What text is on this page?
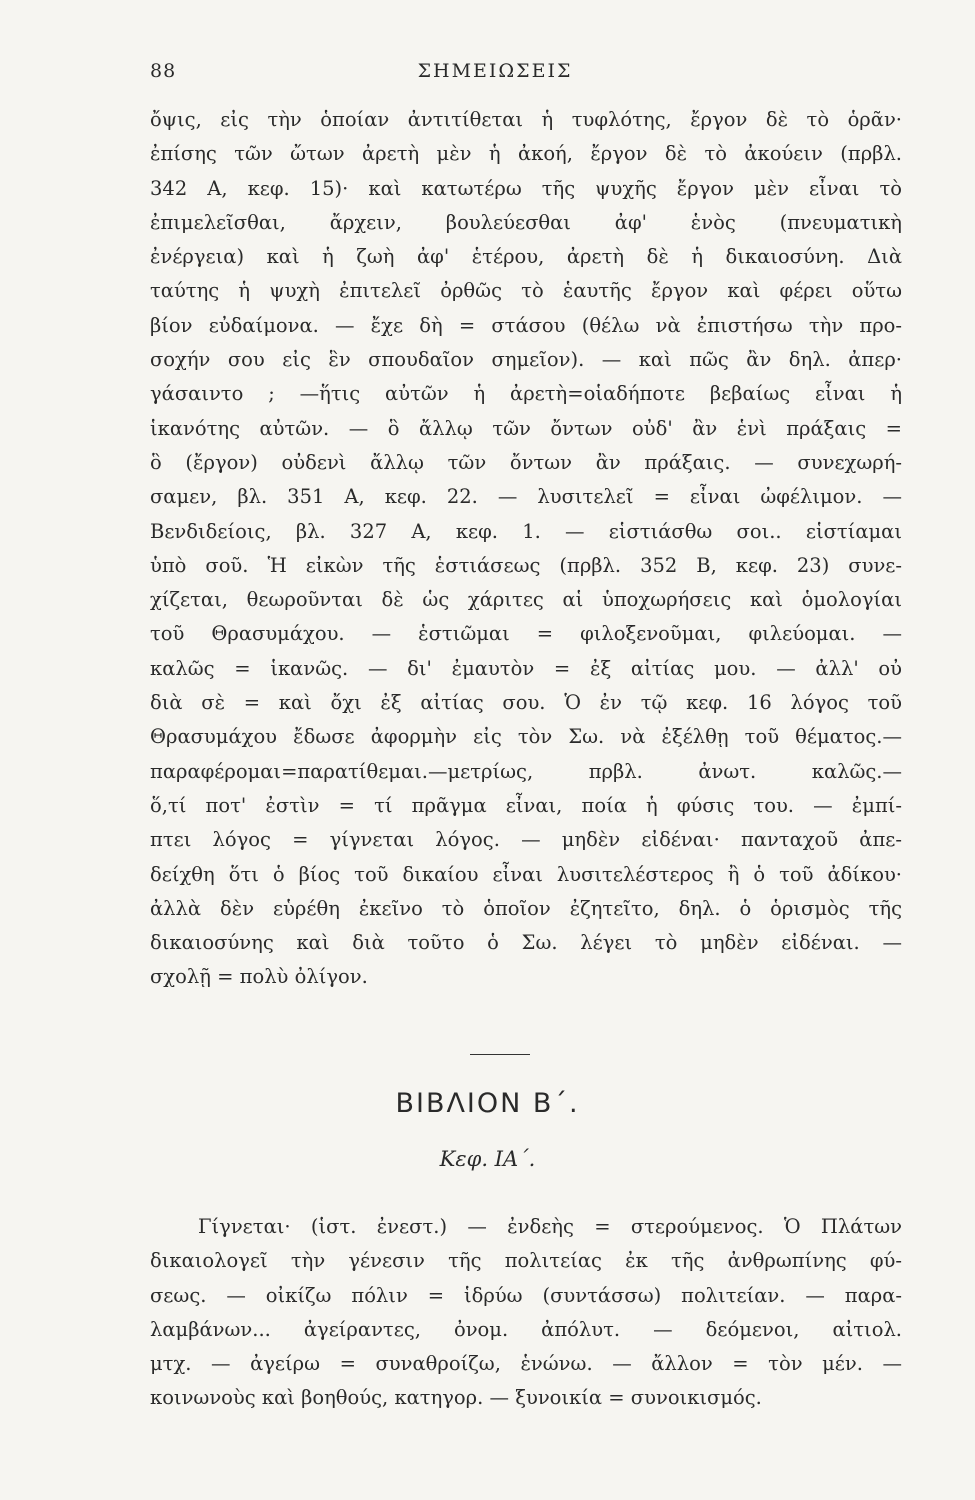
88	ΣΗΜΕΙΩΣΕΙΣ
ὄψις, εἰς τὴν ὁποίαν ἀντιτίθεται ἡ τυφλότης, ἔργον δὲ τὸ ὁρᾶν·
ἐπίσης τῶν ὤτων ἀρετὴ μὲν ἡ ἀκοή, ἔργον δὲ τὸ ἀκούειν (πρβλ.
342 Α, κεφ. 15)· καὶ κατωτέρω τῆς ψυχῆς ἔργον μὲν εἶναι τὸ
ἐπιμελεῖσθαι, ἄρχειν, βουλεύεσθαι ἀφ' ἑνὸς (πνευματικὴ
ἐνέργεια) καὶ ἡ ζωὴ ἀφ' ἑτέρου, ἀρετὴ δὲ ἡ δικαιοσύνη. Διὰ
ταύτης ἡ ψυχὴ ἐπιτελεῖ ὀρθῶς τὸ ἑαυτῆς ἔργον καὶ φέρει οὕτω
βίον εὐδαίμονα. — ἔχε δὴ = στάσου (θέλω νὰ ἐπιστήσω τὴν προ-
σοχήν σου εἰς ἓν σπουδαῖον σημεῖον). — καὶ πῶς ἂν δηλ. ἀπερ·
γάσαιντο ; —ἥτις αὐτῶν ἡ ἀρετὴ=οἱαδήποτε βεβαίως εἶναι ἡ
ἱκανότης αὐτῶν. — ὃ ἄλλῳ τῶν ὄντων οὐδ' ἂν ἑνὶ πράξαις =
ὃ (ἔργον) οὐδενὶ ἄλλῳ τῶν ὄντων ἂν πράξαις. — συνεχωρή-
σαμεν, βλ. 351 Α, κεφ. 22. — λυσιτελεῖ = εἶναι ὠφέλιμον. —
Βενδιδείοις, βλ. 327 Α, κεφ. 1. — εἱστιάσθω σοι.. εἱστίαμαι
ὑπὸ σοῦ. Ἡ εἰκὼν τῆς ἑστιάσεως (πρβλ. 352 Β, κεφ. 23) συνε-
χίζεται, θεωροῦνται δὲ ὡς χάριτες αἱ ὑποχωρήσεις καὶ ὁμολογίαι
τοῦ Θρασυμάχου. — ἑστιῶμαι = φιλοξενοῦμαι, φιλεύομαι. —
καλῶς = ἱκανῶς. — δι' ἐμαυτὸν = ἐξ αἰτίας μου. — ἀλλ' οὐ
διὰ σὲ = καὶ ὄχι ἐξ αἰτίας σου. Ὁ ἐν τῷ κεφ. 16 λόγος τοῦ
Θρασυμάχου ἔδωσε ἀφορμὴν εἰς τὸν Σω. νὰ ἐξέλθῃ τοῦ θέματος.—
παραφέρομαι=παρατίθεμαι.—μετρίως, πρβλ. ἀνωτ. καλῶς.—
ὅ,τί ποτ' ἐστὶν = τί πρᾶγμα εἶναι, ποία ἡ φύσις του. — ἐμπί-
πτει λόγος = γίγνεται λόγος. — μηδὲν εἰδέναι· πανταχοῦ ἀπε-
δείχθη ὅτι ὁ βίος τοῦ δικαίου εἶναι λυσιτελέστερος ἢ ὁ τοῦ ἀδίκου·
ἀλλὰ δὲν εὑρέθη ἐκεῖνο τὸ ὁποῖον ἐζητεῖτο, δηλ. ὁ ὁρισμὸς τῆς
δικαιοσύνης καὶ διὰ τοῦτο ὁ Σω. λέγει τὸ μηδὲν εἰδέναι. —
σχολῇ = πολὺ ὀλίγον.
ΒΙΒΛΙΟΝ Β΄.
Κεφ. ΙΑ΄.
Γίγνεται· (ἱστ. ἐνεστ.) — ἐνδεὴς = στερούμενος. Ὁ Πλάτων
δικαιολογεῖ τὴν γένεσιν τῆς πολιτείας ἐκ τῆς ἀνθρωπίνης φύ-
σεως. — οἰκίζω πόλιν = ἱδρύω (συντάσσω) πολιτείαν. — παρα-
λαμβάνων... ἀγείραντες, ὀνομ. ἀπόλυτ. — δεόμενοι, αἰτιολ.
μτχ. — ἀγείρω = συναθροίζω, ἑνώνω. — ἄλλον = τὸν μέν. —
κοινωνοὺς καὶ βοηθούς, κατηγορ. — ξυνοικία = συνοικισμός.
